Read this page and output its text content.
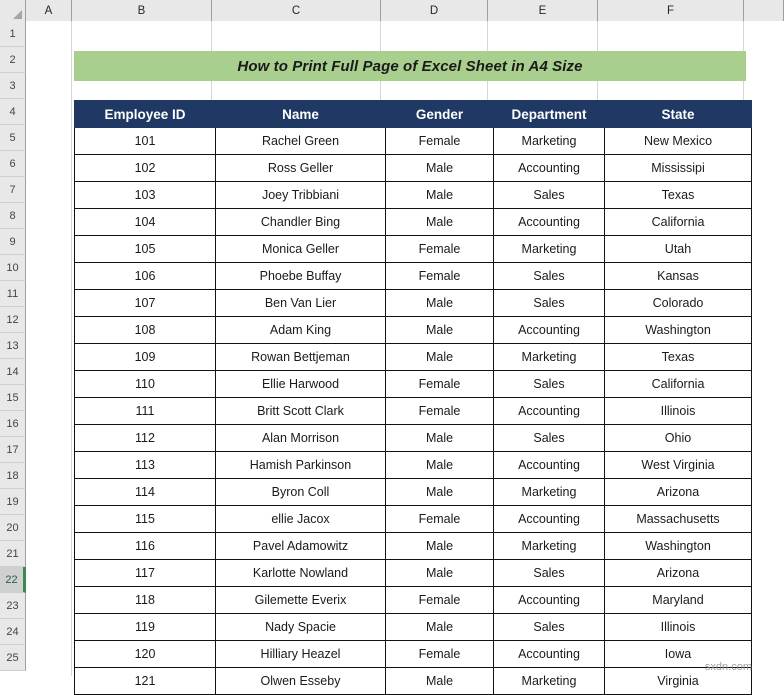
A	B	C	D	E	F
1
2
3
4
5
6
7
8
9
10
11
12
13
14
15
16
17
18
19
20
21
22
23
24
25
How to Print Full Page of Excel Sheet in A4 Size
Employee ID	Name	Gender	Department	State
101	Rachel Green	Female	Marketing	New Mexico
102	Ross Geller	Male	Accounting	Mississipi
103	Joey Tribbiani	Male	Sales	Texas
104	Chandler Bing	Male	Accounting	California
105	Monica Geller	Female	Marketing	Utah
106	Phoebe Buffay	Female	Sales	Kansas
107	Ben Van Lier	Male	Sales	Colorado
108	Adam King	Male	Accounting	Washington
109	Rowan Bettjeman	Male	Marketing	Texas
110	Ellie Harwood	Female	Sales	California
111	Britt Scott Clark	Female	Accounting	Illinois
112	Alan Morrison	Male	Sales	Ohio
113	Hamish Parkinson	Male	Accounting	West Virginia
114	Byron Coll	Male	Marketing	Arizona
115	ellie Jacox	Female	Accounting	Massachusetts
116	Pavel Adamowitz	Male	Marketing	Washington
117	Karlotte Nowland	Male	Sales	Arizona
118	Gilemette Everix	Female	Accounting	Maryland
119	Nady Spacie	Male	Sales	Illinois
120	Hilliary Heazel	Female	Accounting	Iowa
121	Olwen Esseby	Male	Marketing	Virginia
sxdn.com
